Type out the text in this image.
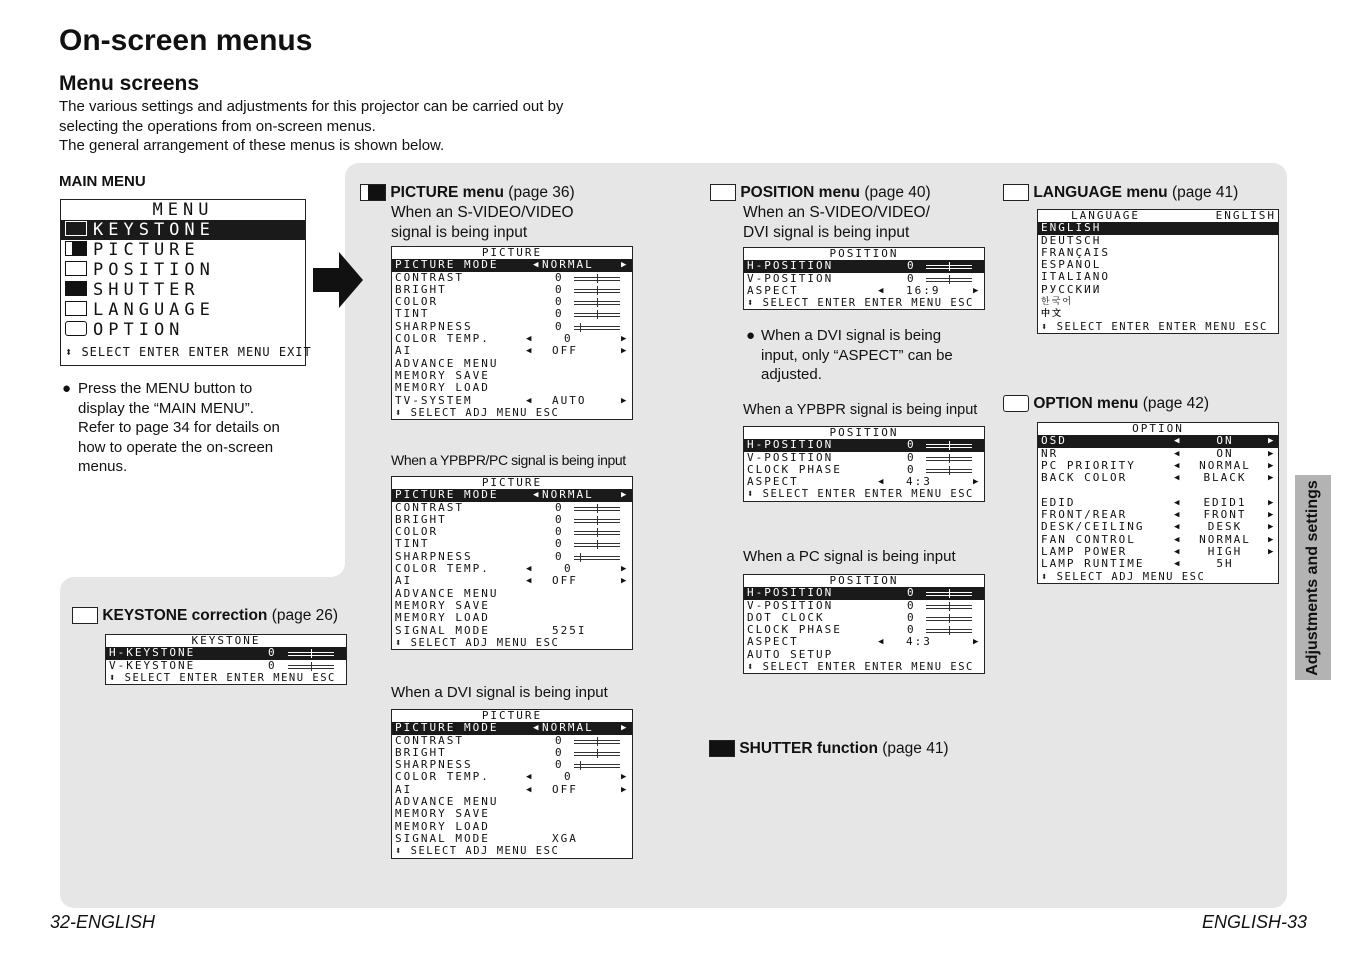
On-screen menus
Menu screens
The various settings and adjustments for this projector can be carried out by
selecting the operations from on-screen menus.
The general arrangement of these menus is shown below.
MAIN MENU
MENU
KEYSTONE
PICTURE
POSITION
SHUTTER
LANGUAGE
OPTION
⬍ SELECT ENTER ENTER MENU EXIT
● Press the MENU button to
display the “MAIN MENU”.
Refer to page 34 for details on
how to operate the on-screen
menus.
KEYSTONE correction (page 26)
KEYSTONE
H-KEYSTONE	0
V-KEYSTONE	0
⬍ SELECT ENTER ENTER MENU ESC
PICTURE menu (page 36)
When an S-VIDEO/VIDEO
signal is being input
PICTURE
PICTURE MODE	◀ NORMAL	▶
CONTRAST	0
BRIGHT	0
COLOR	0
TINT	0
SHARPNESS	0
COLOR TEMP.	◀	0	▶
AI	◀ OFF	▶
ADVANCE MENU
MEMORY SAVE
MEMORY LOAD
TV-SYSTEM	◀ AUTO	▶
⬍ SELECT ADJ MENU ESC
When a YPBPR/PC signal is being input
PICTURE
PICTURE MODE	◀ NORMAL	▶
CONTRAST	0
BRIGHT	0
COLOR	0
TINT	0
SHARPNESS	0
COLOR TEMP.	◀	0	▶
AI	◀ OFF	▶
ADVANCE MENU
MEMORY SAVE
MEMORY LOAD
SIGNAL MODE	525I
⬍ SELECT ADJ MENU ESC
When a DVI signal is being input
PICTURE
PICTURE MODE	◀ NORMAL	▶
CONTRAST	0
BRIGHT	0
SHARPNESS	0
COLOR TEMP.	◀	0	▶
AI	◀ OFF	▶
ADVANCE MENU
MEMORY SAVE
MEMORY LOAD
SIGNAL MODE	XGA
⬍ SELECT ADJ MENU ESC
POSITION menu (page 40)
When an S-VIDEO/VIDEO/
DVI signal is being input
POSITION
H-POSITION	0
V-POSITION	0
ASPECT	◀ 16:9	▶
⬍ SELECT ENTER ENTER MENU ESC
● When a DVI signal is being
input, only “ASPECT” can be
adjusted.
When a YPBPR signal is being input
POSITION
H-POSITION	0
V-POSITION	0
CLOCK PHASE	0
ASPECT	◀ 4:3	▶
⬍ SELECT ENTER ENTER MENU ESC
When a PC signal is being input
POSITION
H-POSITION	0
V-POSITION	0
DOT CLOCK	0
CLOCK PHASE	0
ASPECT	◀ 4:3	▶
AUTO SETUP
⬍ SELECT ENTER ENTER MENU ESC
SHUTTER function (page 41)
LANGUAGE menu (page 41)
LANGUAGE	ENGLISH
ENGLISH
DEUTSCH
FRANÇAIS
ESPAÑOL
ITALIANO
РУССКИЙ
한국어
中文
⬍ SELECT ENTER ENTER MENU ESC
OPTION menu (page 42)
OPTION
OSD	◀	ON	▶
NR	◀	ON	▶
PC PRIORITY	◀	NORMAL	▶
BACK COLOR	◀	BLACK	▶
EDID	◀	EDID1	▶
FRONT/REAR	◀	FRONT	▶
DESK/CEILING	◀	DESK	▶
FAN CONTROL	◀	NORMAL	▶
LAMP POWER	◀	HIGH	▶
LAMP RUNTIME	◀	5H
⬍ SELECT ADJ MENU ESC	Adjustments and settings
32-ENGLISH	ENGLISH-33
